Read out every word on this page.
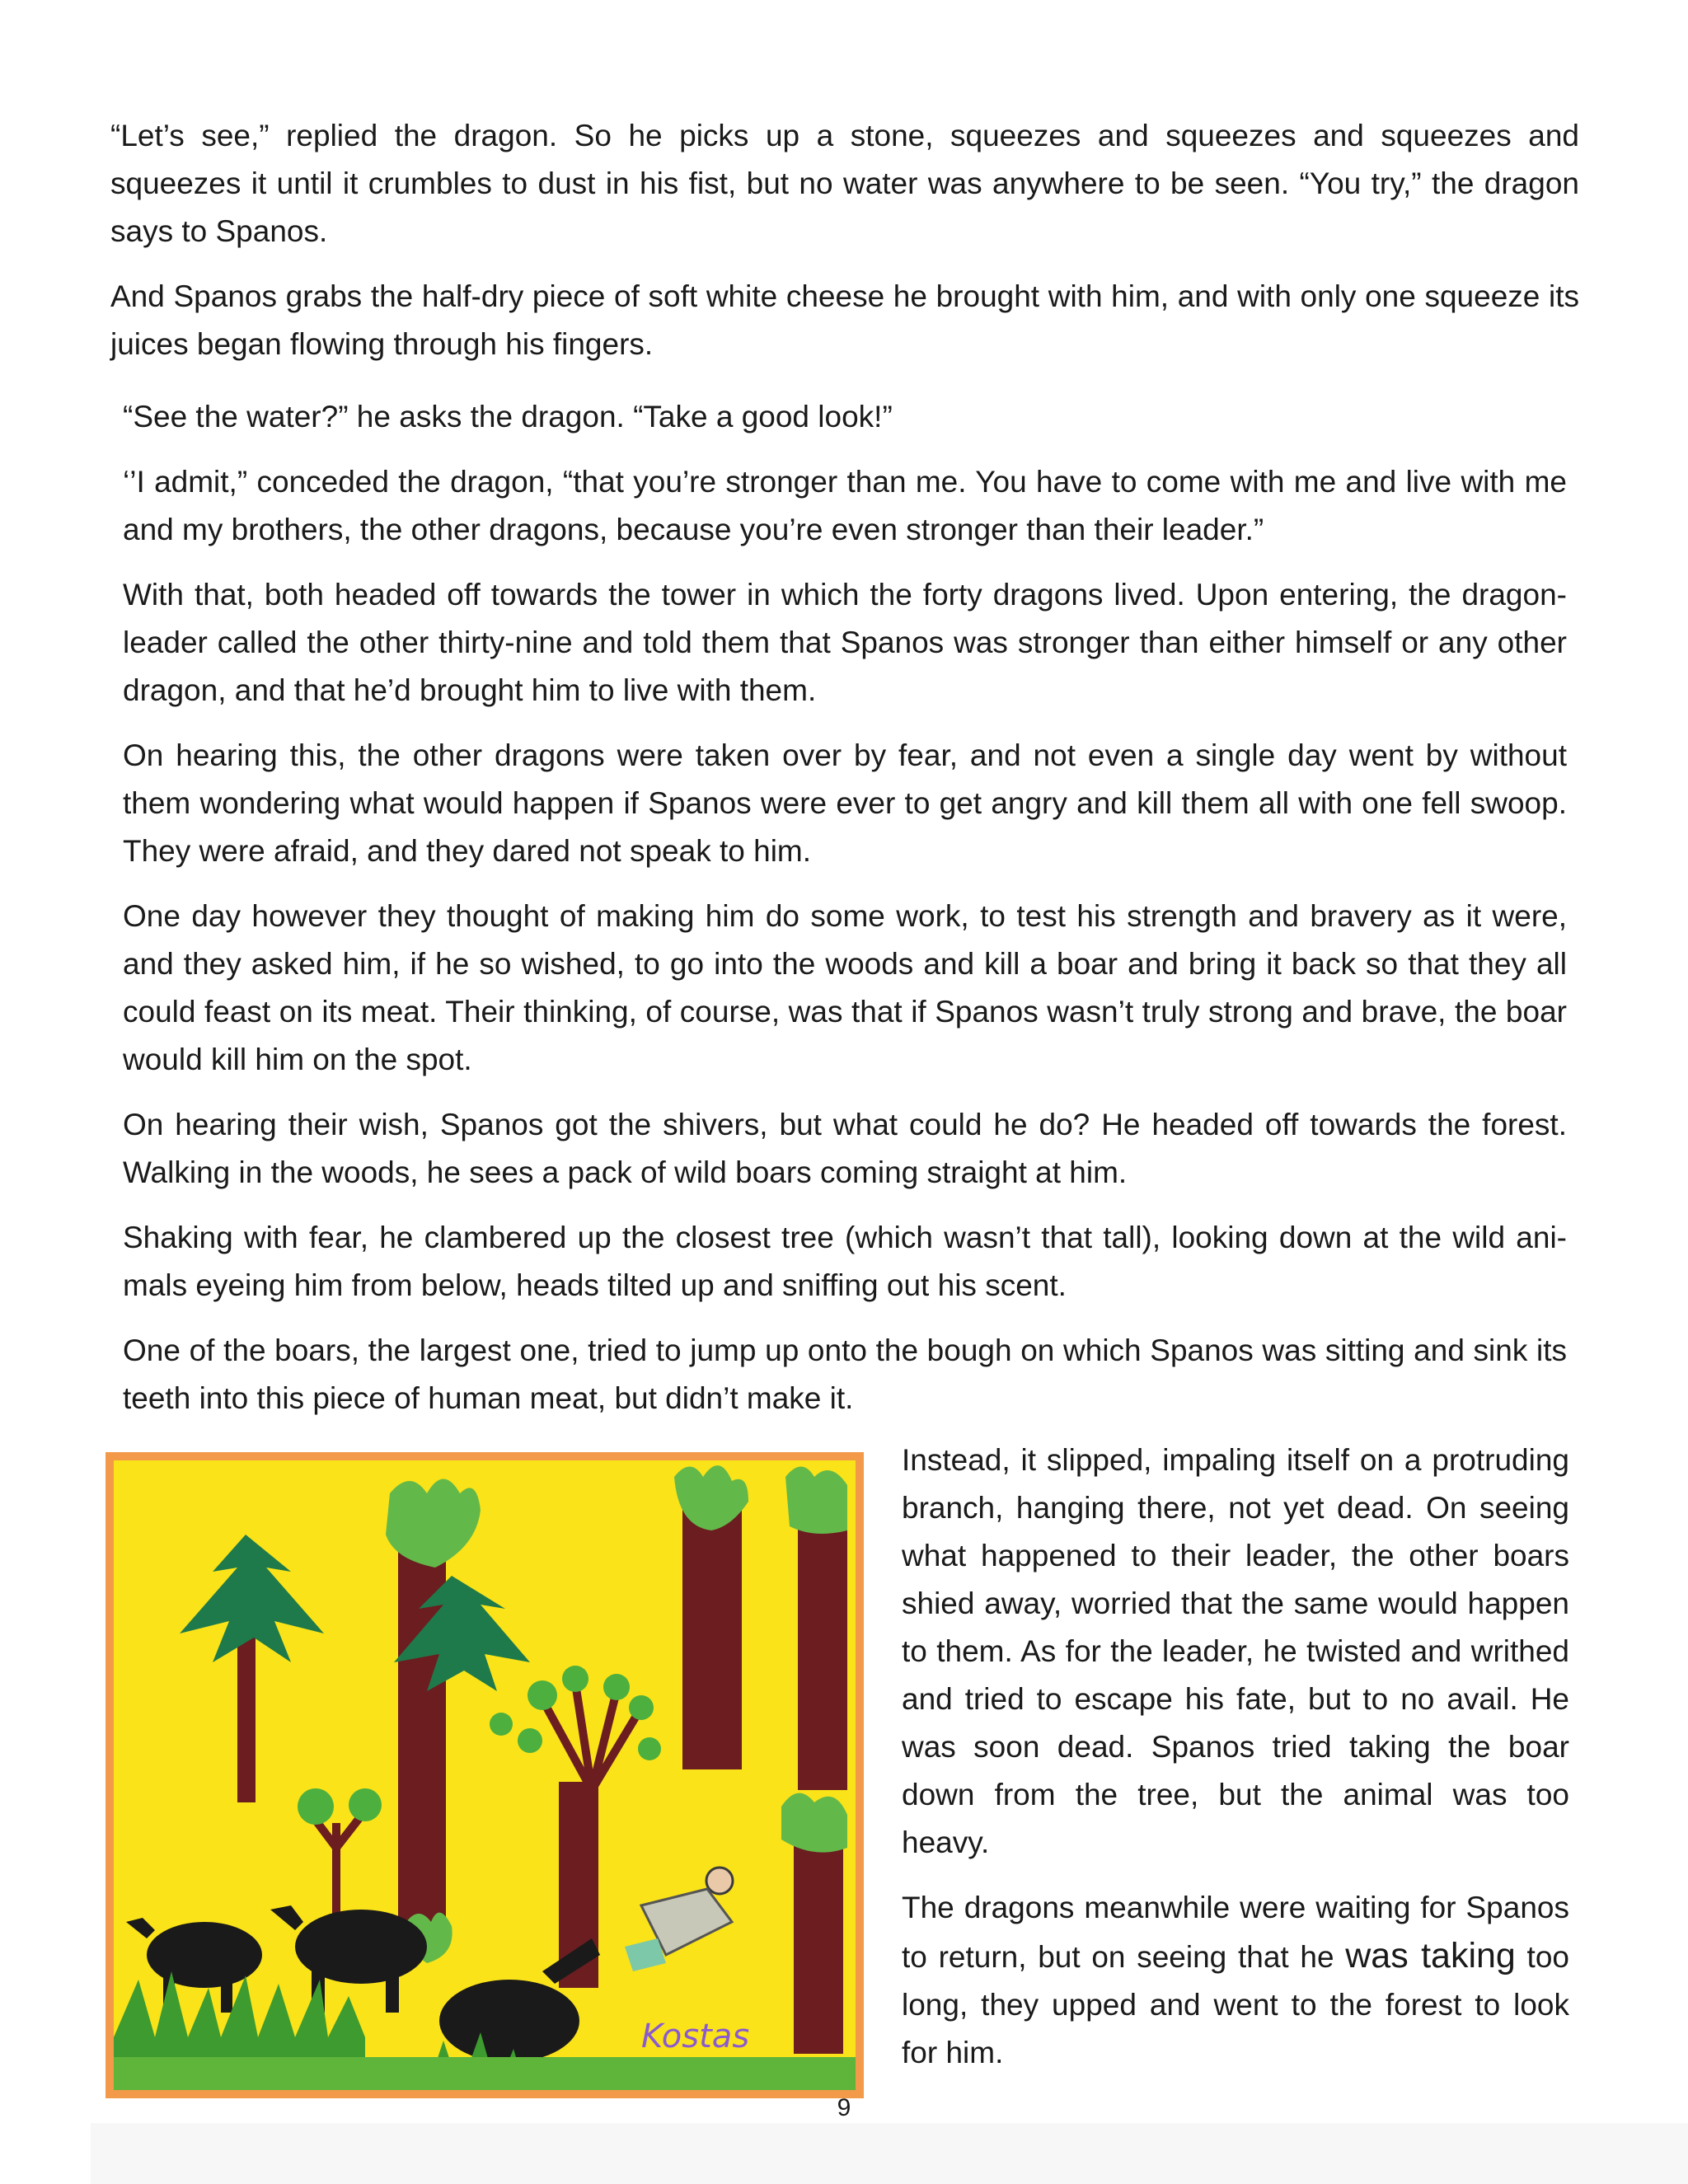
“Let’s see,” replied the dragon. So he picks up a stone, squeezes and squeezes and squeezes and squeezes it until it crumbles to dust in his fist, but no water was anywhere to be seen. “You try,” the dragon says to Spanos.

And Spanos grabs the half-dry piece of soft white cheese he brought with him, and with only one squeeze its juices began flowing through his fingers.

“See the water?” he asks the dragon. “Take a good look!”

‘’I admit,” conceded the dragon, “that you’re stronger than me. You have to come with me and live with me and my brothers, the other dragons, because you’re even stronger than their leader.”

With that, both headed off towards the tower in which the forty dragons lived. Upon entering, the dragon-leader called the other thirty-nine and told them that Spanos was stronger than either himself or any other dragon, and that he’d brought him to live with them.

On hearing this, the other dragons were taken over by fear, and not even a single day went by without them wondering what would happen if Spanos were ever to get angry and kill them all with one fell swoop. They were afraid, and they dared not speak to him.

One day however they thought of making him do some work, to test his strength and bravery as it were, and they asked him, if he so wished, to go into the woods and kill a boar and bring it back so that they all could feast on its meat. Their thinking, of course, was that if Spanos wasn’t truly strong and brave, the boar would kill him on the spot.

On hearing their wish, Spanos got the shivers, but what could he do? He headed off towards the forest. Walking in the woods, he sees a pack of wild boars coming straight at him.

Shaking with fear, he clambered up the closest tree (which wasn’t that tall), looking down at the wild ani-mals eyeing him from below, heads tilted up and sniffing out his scent.

One of the boars, the largest one, tried to jump up onto the bough on which Spanos was sitting and sink its teeth into this piece of human meat, but didn’t make it.

Kostas

Instead, it slipped, impaling itself on a protruding branch, hanging there, not yet dead. On seeing what happened to their leader, the other boars shied away, worried that the same would happen to them. As for the leader, he twisted and writhed and tried to escape his fate, but to no avail. He was soon dead. Spanos tried taking the boar down from the tree, but the animal was too heavy.

The dragons meanwhile were waiting for Spanos to return, but on seeing that he was taking too long, they upped and went to the forest to look for him.

9
